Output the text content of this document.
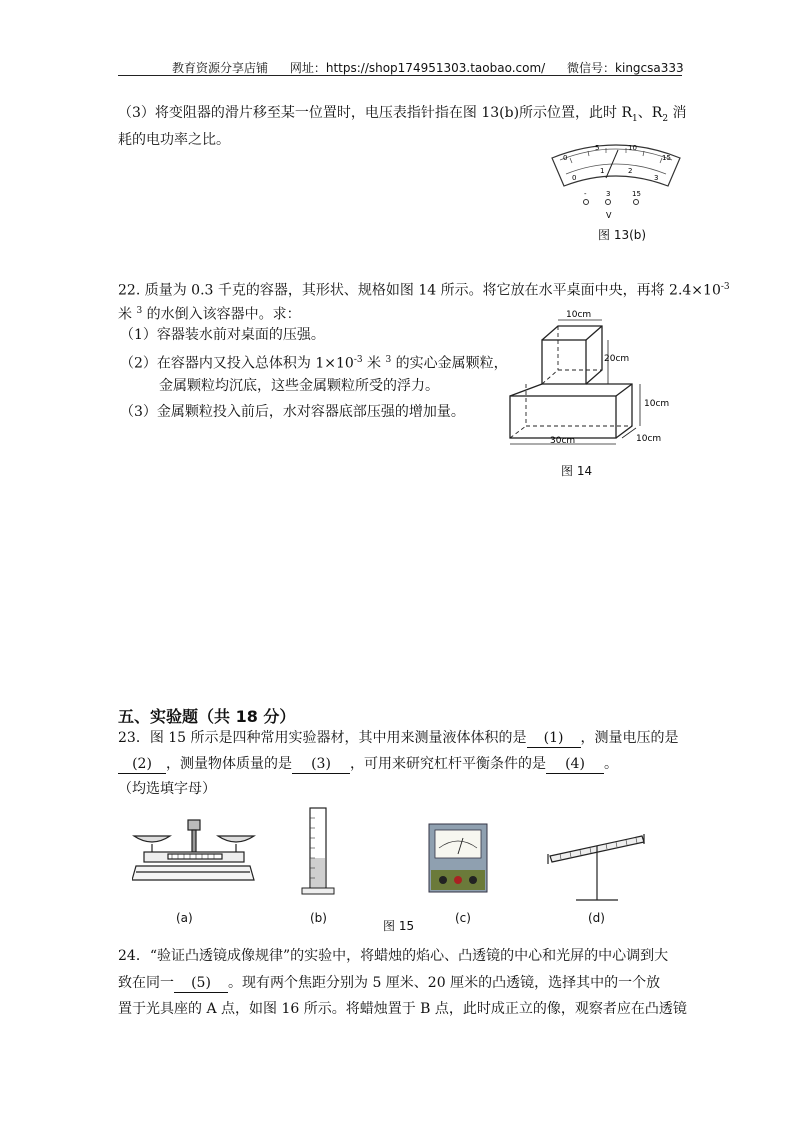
教育资源分享店铺 网址：https://shop174951303.taobao.com/ 微信号：kingcsa333
（3）将变阻器的滑片移至某一位置时，电压表指针指在图 13(b)所示位置，此时 $R_1$、$R_2$ 消
耗的电功率之比。
0
5	10
15
0
1	2
3
-	3	15
V
图 13(b)
22. 质量为 0.3 千克的容器，其形状、规格如图 14 所示。将它放在水平桌面中央，再将 $2.4\times 10^{-3}$
米 $^3$ 的水倒入该容器中。求：
（1）容器装水前对桌面的压强。
（2）在容器内又投入总体积为 $1\times 10^{-3}$ 米 $^3$ 的实心金属颗粒，
金属颗粒均沉底，这些金属颗粒所受的浮力。
（3）金属颗粒投入前后，水对容器底部压强的增加量。
10cm
20cm
10cm
30cm	10cm
图 14
五、实验题（共 18 分）
23．图 15 所示是四种常用实验器材，其中用来测量液体体积的是 (1) ，测量电压的是
(2) ，测量物体质量的是 (3) ，可用来研究杠杆平衡条件的是 (4) 。
（均选填字母）
(a)	(b)
图 15
(c)	(d)
24．“验证凸透镜成像规律”的实验中，将蜡烛的焰心、凸透镜的中心和光屏的中心调到大
致在同一 (5) 。现有两个焦距分别为 5 厘米、20 厘米的凸透镜，选择其中的一个放
置于光具座的 A 点，如图 16 所示。将蜡烛置于 B 点，此时成正立的像，观察者应在凸透镜
